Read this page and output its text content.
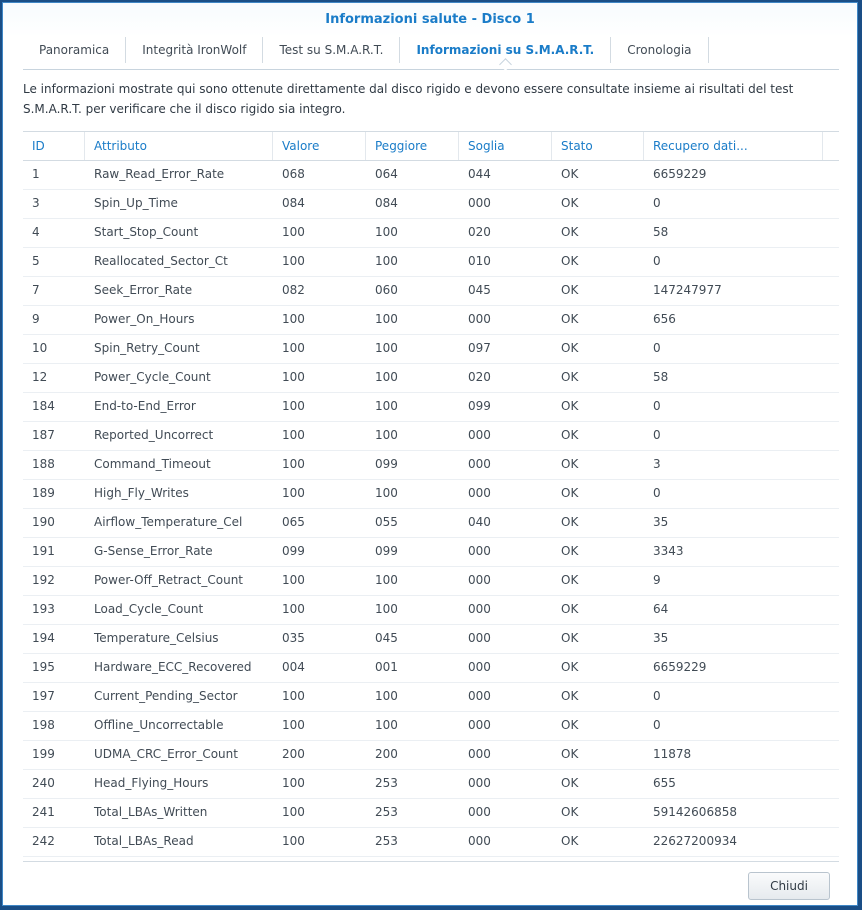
Informazioni salute - Disco 1
Panoramica	Integrità IronWolf	Test su S.M.A.R.T.	Informazioni su S.M.A.R.T.	Cronologia
Le informazioni mostrate qui sono ottenute direttamente dal disco rigido e devono essere consultate insieme ai risultati del test S.M.A.R.T. per verificare che il disco rigido sia integro.
ID	Attributo	Valore	Peggiore	Soglia	Stato	Recupero dati...
1	Raw_Read_Error_Rate	068	064	044	OK	6659229
3	Spin_Up_Time	084	084	000	OK	0
4	Start_Stop_Count	100	100	020	OK	58
5	Reallocated_Sector_Ct	100	100	010	OK	0
7	Seek_Error_Rate	082	060	045	OK	147247977
9	Power_On_Hours	100	100	000	OK	656
10	Spin_Retry_Count	100	100	097	OK	0
12	Power_Cycle_Count	100	100	020	OK	58
184	End-to-End_Error	100	100	099	OK	0
187	Reported_Uncorrect	100	100	000	OK	0
188	Command_Timeout	100	099	000	OK	3
189	High_Fly_Writes	100	100	000	OK	0
190	Airflow_Temperature_Cel	065	055	040	OK	35
191	G-Sense_Error_Rate	099	099	000	OK	3343
192	Power-Off_Retract_Count	100	100	000	OK	9
193	Load_Cycle_Count	100	100	000	OK	64
194	Temperature_Celsius	035	045	000	OK	35
195	Hardware_ECC_Recovered	004	001	000	OK	6659229
197	Current_Pending_Sector	100	100	000	OK	0
198	Offline_Uncorrectable	100	100	000	OK	0
199	UDMA_CRC_Error_Count	200	200	000	OK	11878
240	Head_Flying_Hours	100	253	000	OK	655
241	Total_LBAs_Written	100	253	000	OK	59142606858
242	Total_LBAs_Read	100	253	000	OK	22627200934
Chiudi
